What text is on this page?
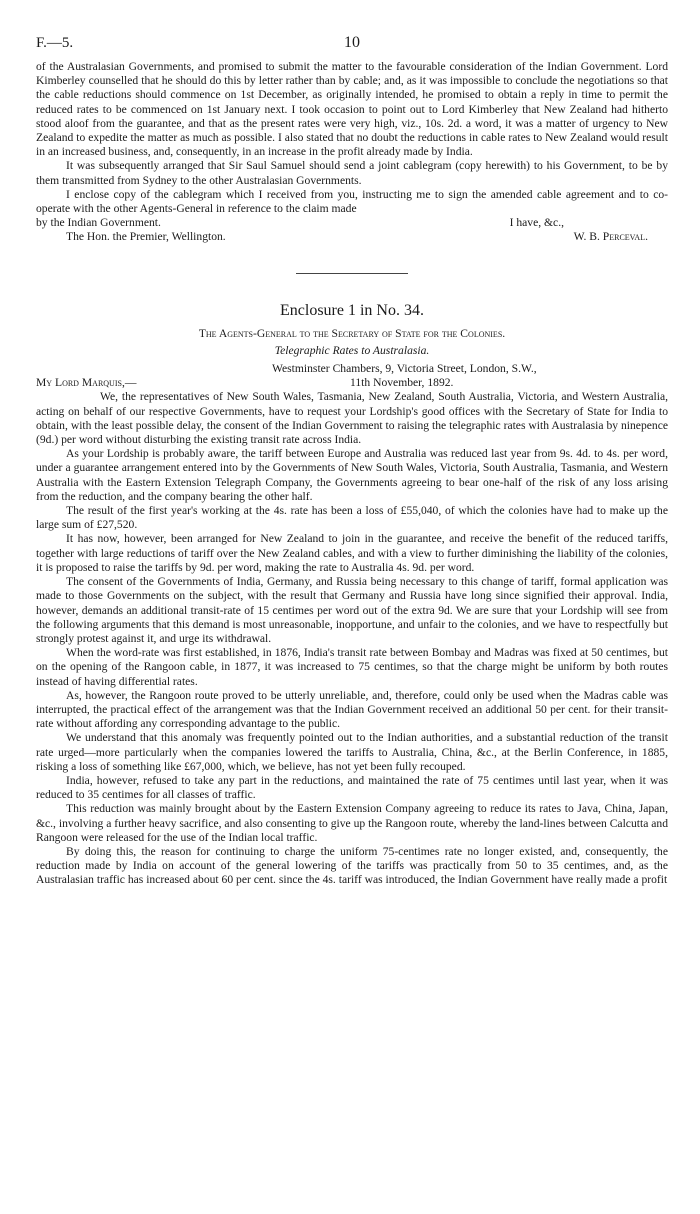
F.—5.	10

of the Australasian Governments, and promised to submit the matter to the favourable consideration of the Indian Government. Lord Kimberley counselled that he should do this by letter rather than by cable; and, as it was impossible to conclude the negotiations so that the cable reductions should commence on 1st December, as originally intended, he promised to obtain a reply in time to permit the reduced rates to be commenced on 1st January next. I took occasion to point out to Lord Kimberley that New Zealand had hitherto stood aloof from the guarantee, and that as the present rates were very high, viz., 10s. 2d. a word, it was a matter of urgency to New Zealand to expedite the matter as much as possible. I also stated that no doubt the reductions in cable rates to New Zealand would result in an increased business, and, consequently, in an increase in the profit already made by India.

It was subsequently arranged that Sir Saul Samuel should send a joint cablegram (copy herewith) to his Government, to be by them transmitted from Sydney to the other Australasian Governments.

I enclose copy of the cablegram which I received from you, instructing me to sign the amended cable agreement and to co-operate with the other Agents-General in reference to the claim made

by the Indian Government.	I have, &c.,
The Hon. the Premier, Wellington.	W. B. Perceval.
Enclosure 1 in No. 34.
The Agents-General to the Secretary of State for the Colonies.
Telegraphic Rates to Australasia.
Westminster Chambers, 9, Victoria Street, London, S.W.,
My Lord Marquis,—	11th November, 1892.

We, the representatives of New South Wales, Tasmania, New Zealand, South Australia, Victoria, and Western Australia, acting on behalf of our respective Governments, have to request your Lordship's good offices with the Secretary of State for India to obtain, with the least possible delay, the consent of the Indian Government to raising the telegraphic rates with Australasia by ninepence (9d.) per word without disturbing the existing transit rate across India.

As your Lordship is probably aware, the tariff between Europe and Australia was reduced last year from 9s. 4d. to 4s. per word, under a guarantee arrangement entered into by the Governments of New South Wales, Victoria, South Australia, Tasmania, and Western Australia with the Eastern Extension Telegraph Company, the Governments agreeing to bear one-half of the risk of any loss arising from the reduction, and the company bearing the other half.

The result of the first year's working at the 4s. rate has been a loss of £55,040, of which the colonies have had to make up the large sum of £27,520.

It has now, however, been arranged for New Zealand to join in the guarantee, and receive the benefit of the reduced tariffs, together with large reductions of tariff over the New Zealand cables, and with a view to further diminishing the liability of the colonies, it is proposed to raise the tariffs by 9d. per word, making the rate to Australia 4s. 9d. per word.

The consent of the Governments of India, Germany, and Russia being necessary to this change of tariff, formal application was made to those Governments on the subject, with the result that Germany and Russia have long since signified their approval. India, however, demands an additional transit-rate of 15 centimes per word out of the extra 9d. We are sure that your Lordship will see from the following arguments that this demand is most unreasonable, inopportune, and unfair to the colonies, and we have to respectfully but strongly protest against it, and urge its withdrawal.

When the word-rate was first established, in 1876, India's transit rate between Bombay and Madras was fixed at 50 centimes, but on the opening of the Rangoon cable, in 1877, it was increased to 75 centimes, so that the charge might be uniform by both routes instead of having differential rates.

As, however, the Rangoon route proved to be utterly unreliable, and, therefore, could only be used when the Madras cable was interrupted, the practical effect of the arrangement was that the Indian Government received an additional 50 per cent. for their transit-rate without affording any corresponding advantage to the public.

We understand that this anomaly was frequently pointed out to the Indian authorities, and a substantial reduction of the transit rate urged—more particularly when the companies lowered the tariffs to Australia, China, &c., at the Berlin Conference, in 1885, risking a loss of something like £67,000, which, we believe, has not yet been fully recouped.

India, however, refused to take any part in the reductions, and maintained the rate of 75 centimes until last year, when it was reduced to 35 centimes for all classes of traffic.

This reduction was mainly brought about by the Eastern Extension Company agreeing to reduce its rates to Java, China, Japan, &c., involving a further heavy sacrifice, and also consenting to give up the Rangoon route, whereby the land-lines between Calcutta and Rangoon were released for the use of the Indian local traffic.

By doing this, the reason for continuing to charge the uniform 75-centimes rate no longer existed, and, consequently, the reduction made by India on account of the general lowering of the tariffs was practically from 50 to 35 centimes, and, as the Australasian traffic has increased about 60 per cent. since the 4s. tariff was introduced, the Indian Government have really made a profit
